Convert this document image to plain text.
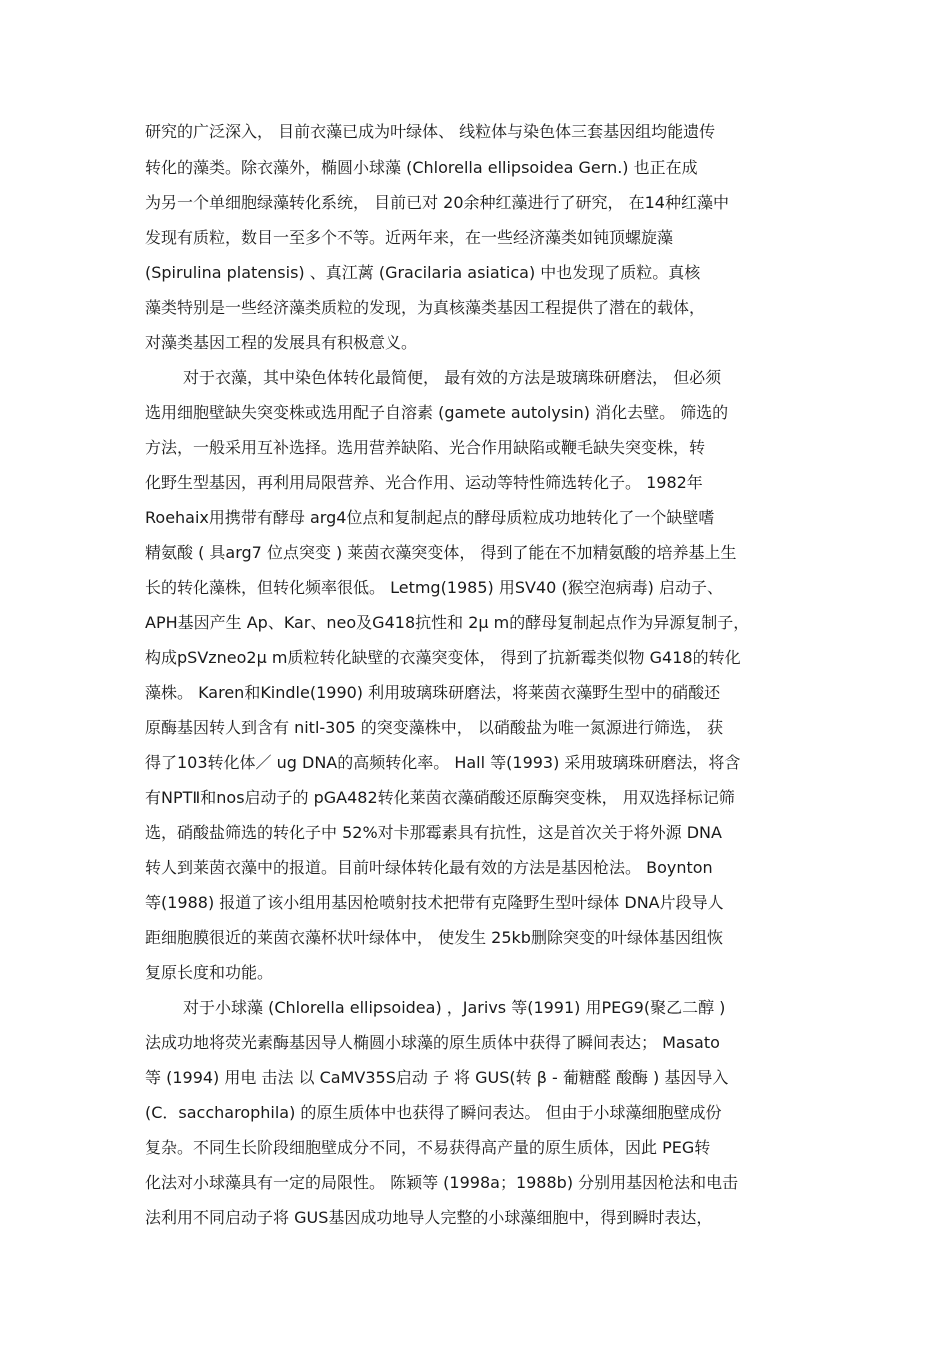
研究的广泛深入， 目前衣藻已成为叶绿体、 线粒体与染色体三套基因组均能遗传
转化的藻类。除衣藻外，椭圆小球藻 (Chlorella ellipsoidea Gern.) 也正在成
为另一个单细胞绿藻转化系统， 目前已对 20余种红藻进行了研究， 在14种红藻中
发现有质粒，数目一至多个不等。近两年来，在一些经济藻类如钝顶螺旋藻
(Spirulina platensis) 、真江蓠 (Gracilaria asiatica) 中也发现了质粒。真核
藻类特别是一些经济藻类质粒的发现，为真核藻类基因工程提供了潜在的载体，
对藻类基因工程的发展具有积极意义。
对于衣藻，其中染色体转化最简便， 最有效的方法是玻璃珠研磨法， 但必须
选用细胞壁缺失突变株或选用配子自溶素 (gamete autolysin) 消化去壁。 筛选的
方法，一般采用互补选择。选用营养缺陷、光合作用缺陷或鞭毛缺失突变株，转
化野生型基因，再利用局限营养、光合作用、运动等特性筛选转化子。 1982年
Roehaix用携带有酵母 arg4位点和复制起点的酵母质粒成功地转化了一个缺壁嗜
精氨酸 ( 具arg7 位点突变 ) 莱茵衣藻突变体， 得到了能在不加精氨酸的培养基上生
长的转化藻株，但转化频率很低。 Letmg(1985) 用SV40 (猴空泡病毒) 启动子、
APH基因产生 Ap、Kar、neo及G418抗性和 2μ m的酵母复制起点作为异源复制子，
构成pSVzneo2μ m质粒转化缺壁的衣藻突变体， 得到了抗新霉类似物 G418的转化
藻株。 Karen和Kindle(1990) 利用玻璃珠研磨法，将莱茵衣藻野生型中的硝酸还
原酶基因转人到含有 nitl-305 的突变藻株中， 以硝酸盐为唯一氮源进行筛选， 获
得了103转化体／ ug DNA的高频转化率。 Hall 等(1993) 采用玻璃珠研磨法，将含
有NPTⅡ和nos启动子的 pGA482转化莱茵衣藻硝酸还原酶突变株， 用双选择标记筛
选，硝酸盐筛选的转化子中 52%对卡那霉素具有抗性，这是首次关于将外源 DNA
转人到莱茵衣藻中的报道。目前叶绿体转化最有效的方法是基因枪法。 Boynton
等(1988) 报道了该小组用基因枪喷射技术把带有克隆野生型叶绿体 DNA片段导人
距细胞膜很近的莱茵衣藻杯状叶绿体中， 使发生 25kb删除突变的叶绿体基因组恢
复原长度和功能。
对于小球藻 (Chlorella ellipsoidea) ，Jarivs 等(1991) 用PEG9(聚乙二醇 )
法成功地将荧光素酶基因导人椭圆小球藻的原生质体中获得了瞬间表达； Masato
等 (1994) 用电 击法 以 CaMV35S启动 子 将 GUS(转 β - 葡糖醛 酸酶 ) 基因导入
(C．saccharophila) 的原生质体中也获得了瞬问表达。 但由于小球藻细胞壁成份
复杂。不同生长阶段细胞壁成分不同，不易获得高产量的原生质体，因此 PEG转
化法对小球藻具有一定的局限性。 陈颖等 (1998a；1988b) 分别用基因枪法和电击
法利用不同启动子将 GUS基因成功地导人完整的小球藻细胞中，得到瞬时表达，
